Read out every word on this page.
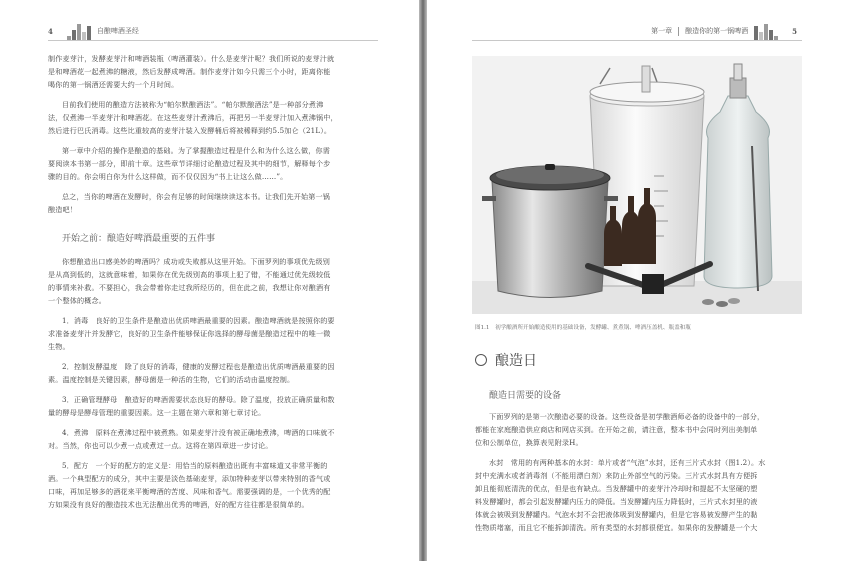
4	自酿啤酒圣经
制作麦芽汁，发酵麦芽汁和啤酒装瓶（啤酒灌装）。什么是麦芽汁呢？我们所说的麦芽汁就
是和啤酒花一起煮沸的糖液，然后发酵成啤酒。制作麦芽汁如今只需三个小时，距离你能
喝你的第一锅酒还需要大约一个月时间。
目前我们使用的酿造方法被称为“帕尔默酿酒法”。“帕尔默酿酒法”是一种部分煮沸
法，仅煮沸一半麦芽汁和啤酒花。在这些麦芽汁煮沸后，再把另一半麦芽汁加入煮沸锅中，
然后进行巴氏消毒。这些比重较高的麦芽汁装入发酵桶后将被稀释到约5.5加仑（21L）。
第一章中介绍的操作是酿造的基础。为了掌握酿造过程是什么和为什么这么做，你需
要阅读本书第一部分，即前十章。这些章节详细讨论酿造过程及其中的细节，解释每个步
骤的目的。你会明白你为什么这样做，而不仅仅因为“书上让这么做……”。
总之，当你的啤酒在发酵时，你会有足够的时间继续读这本书。让我们先开始第一锅
酿造吧！
开始之前：酿造好啤酒最重要的五件事
你想酿造出口感美妙的啤酒吗？成功或失败都从这里开始。下面罗列的事项优先级别
是从高到低的，这就意味着，如果你在优先级别高的事项上犯了错，不能通过优先级较低
的事情来补救。不要担心，我会带着你走过我所经历的，但在此之前，我想让你对酿酒有
一个整体的概念。
1．消毒　良好的卫生条件是酿造出优质啤酒最重要的因素。酿造啤酒就是按照你的要
求准备麦芽汁并发酵它，良好的卫生条件能够保证你选择的酵母菌是酿造过程中的唯一微
生物。
2．控制发酵温度　除了良好的消毒，健康的发酵过程也是酿造出优质啤酒最重要的因
素。温度控制是关键因素，酵母菌是一种活的生物，它们的活动由温度控制。
3．正确管理酵母　酿造好的啤酒需要状态良好的酵母。除了温度，投放正确质量和数
量的酵母是酵母管理的重要因素。这一主题在第六章和第七章讨论。
4．煮沸　原料在煮沸过程中被煮熟。如果麦芽汁没有被正确地煮沸，啤酒的口味就不
对。当然，你也可以少煮一点或煮过一点。这将在第四章进一步讨论。
5．配方　一个好的配方的定义是：用恰当的原料酿造出既有丰富味道又非常平衡的
酒。一个典型配方的成分，其中主要是淡色基础麦芽，添加特种麦芽以带来特别的香气或
口味，再加足够多的酒花来平衡啤酒的苦度、风味和香气。需要强调的是，一个优秀的配
方如果没有良好的酿造技术也无法酿出优秀的啤酒，好的配方往往都是很简单的。
第一章 酿造你的第一锅啤酒	5
图1.1　初学酿酒所开始酿造使用的基础设备，发酵罐、煮煮锅、啤酒压盖机、瓶盖和瓶
酿造日
酿造日需要的设备
下面罗列的是第一次酿造必要的设备。这些设备是初学酿酒师必备的设备中的一部分，
都能在家庭酿造供应商店和网店买到。在开始之前，请注意，整本书中会同时列出美制单
位和公制单位，换算表见附录H。
水封　常用的有两种基本的水封：单片或者“气泡”水封，还有三片式水封（图1.2）。水
封中充满水或者消毒剂（不能用漂白剂）来防止外部空气的污染。三片式水封具有方便拆
卸且能彻底清洗的优点，但是也有缺点。当发酵罐中的麦芽汁冷却时和提起不太坚硬的塑
料发酵罐时，都会引起发酵罐内压力的降低。当发酵罐内压力降低时，三片式水封里的液
体就会被吸到发酵罐内。气泡水封不会把液体吸到发酵罐内，但是它容易被发酵产生的黏
性物质堵塞，而且它不能拆卸清洗。所有类型的水封都很便宜。如果你的发酵罐是一个大
